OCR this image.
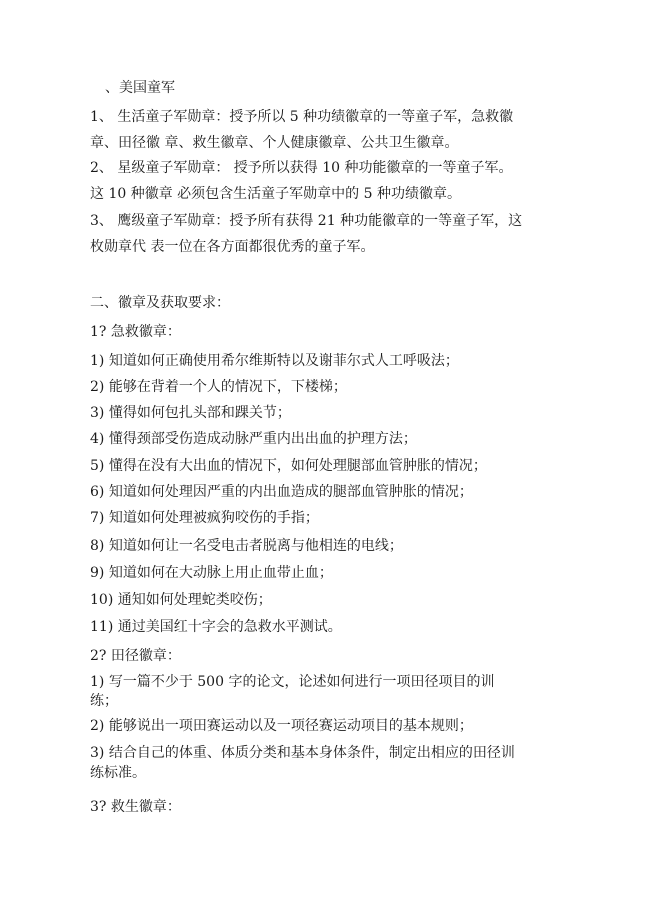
、美国童军
1、 生活童子军勋章：授予所以 5 种功绩徽章的一等童子军，急救徽
章、田径徽 章、救生徽章、个人健康徽章、公共卫生徽章。
2、 星级童子军勋章： 授予所以获得 10 种功能徽章的一等童子军。
这 10 种徽章 必须包含生活童子军勋章中的 5 种功绩徽章。
3、 鹰级童子军勋章：授予所有获得 21 种功能徽章的一等童子军，这
枚勋章代 表一位在各方面都很优秀的童子军。
二、徽章及获取要求：
1? 急救徽章：
1) 知道如何正确使用希尔维斯特以及谢菲尔式人工呼吸法；
2) 能够在背着一个人的情况下，下楼梯；
3) 懂得如何包扎头部和踝关节；
4) 懂得颈部受伤造成动脉严重内出出血的护理方法；
5) 懂得在没有大出血的情况下，如何处理腿部血管肿胀的情况；
6) 知道如何处理因严重的内出血造成的腿部血管肿胀的情况；
7) 知道如何处理被疯狗咬伤的手指；
8) 知道如何让一名受电击者脱离与他相连的电线；
9) 知道如何在大动脉上用止血带止血；
10) 通知如何处理蛇类咬伤；
11) 通过美国红十字会的急救水平测试。
2? 田径徽章：
1) 写一篇不少于 500 字的论文，论述如何进行一项田径项目的训
练；
2) 能够说出一项田赛运动以及一项径赛运动项目的基本规则；
3) 结合自己的体重、体质分类和基本身体条件，制定出相应的田径训
练标准。
3? 救生徽章：
